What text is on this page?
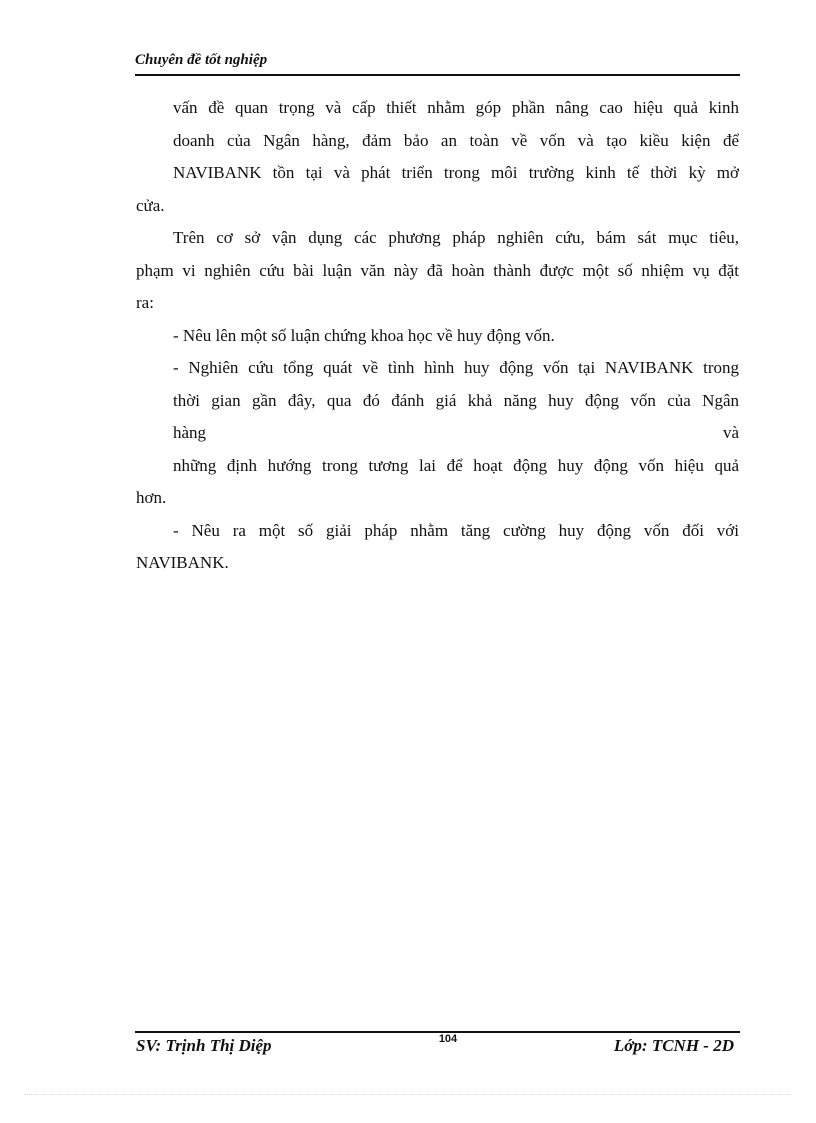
Chuyên đề tốt nghiệp
vấn đề quan trọng và cấp thiết nhằm góp phần nâng cao hiệu quả kinh
doanh của Ngân hàng, đảm bảo an toàn về vốn và tạo kiều kiện để
NAVIBANK tồn tại và phát triển trong môi trường kinh tế thời kỳ mở
cửa.
Trên cơ sở vận dụng các phương pháp nghiên cứu, bám sát mục tiêu,
phạm vi nghiên cứu bài luận văn này đã hoàn thành được một số nhiệm vụ đặt
ra:
- Nêu lên một số luận chứng khoa học về huy động vốn.
- Nghiên cứu tổng quát về tình hình huy động vốn tại NAVIBANK trong
thời gian gần đây, qua đó đánh giá khả năng huy động vốn của Ngân
hàng và
những định hướng trong tương lai để hoạt động huy động vốn hiệu quả
hơn.
- Nêu ra một số giải pháp nhằm tăng cường huy động vốn đối với
NAVIBANK.
SV: Trịnh Thị Diệp	104	Lớp: TCNH - 2D
